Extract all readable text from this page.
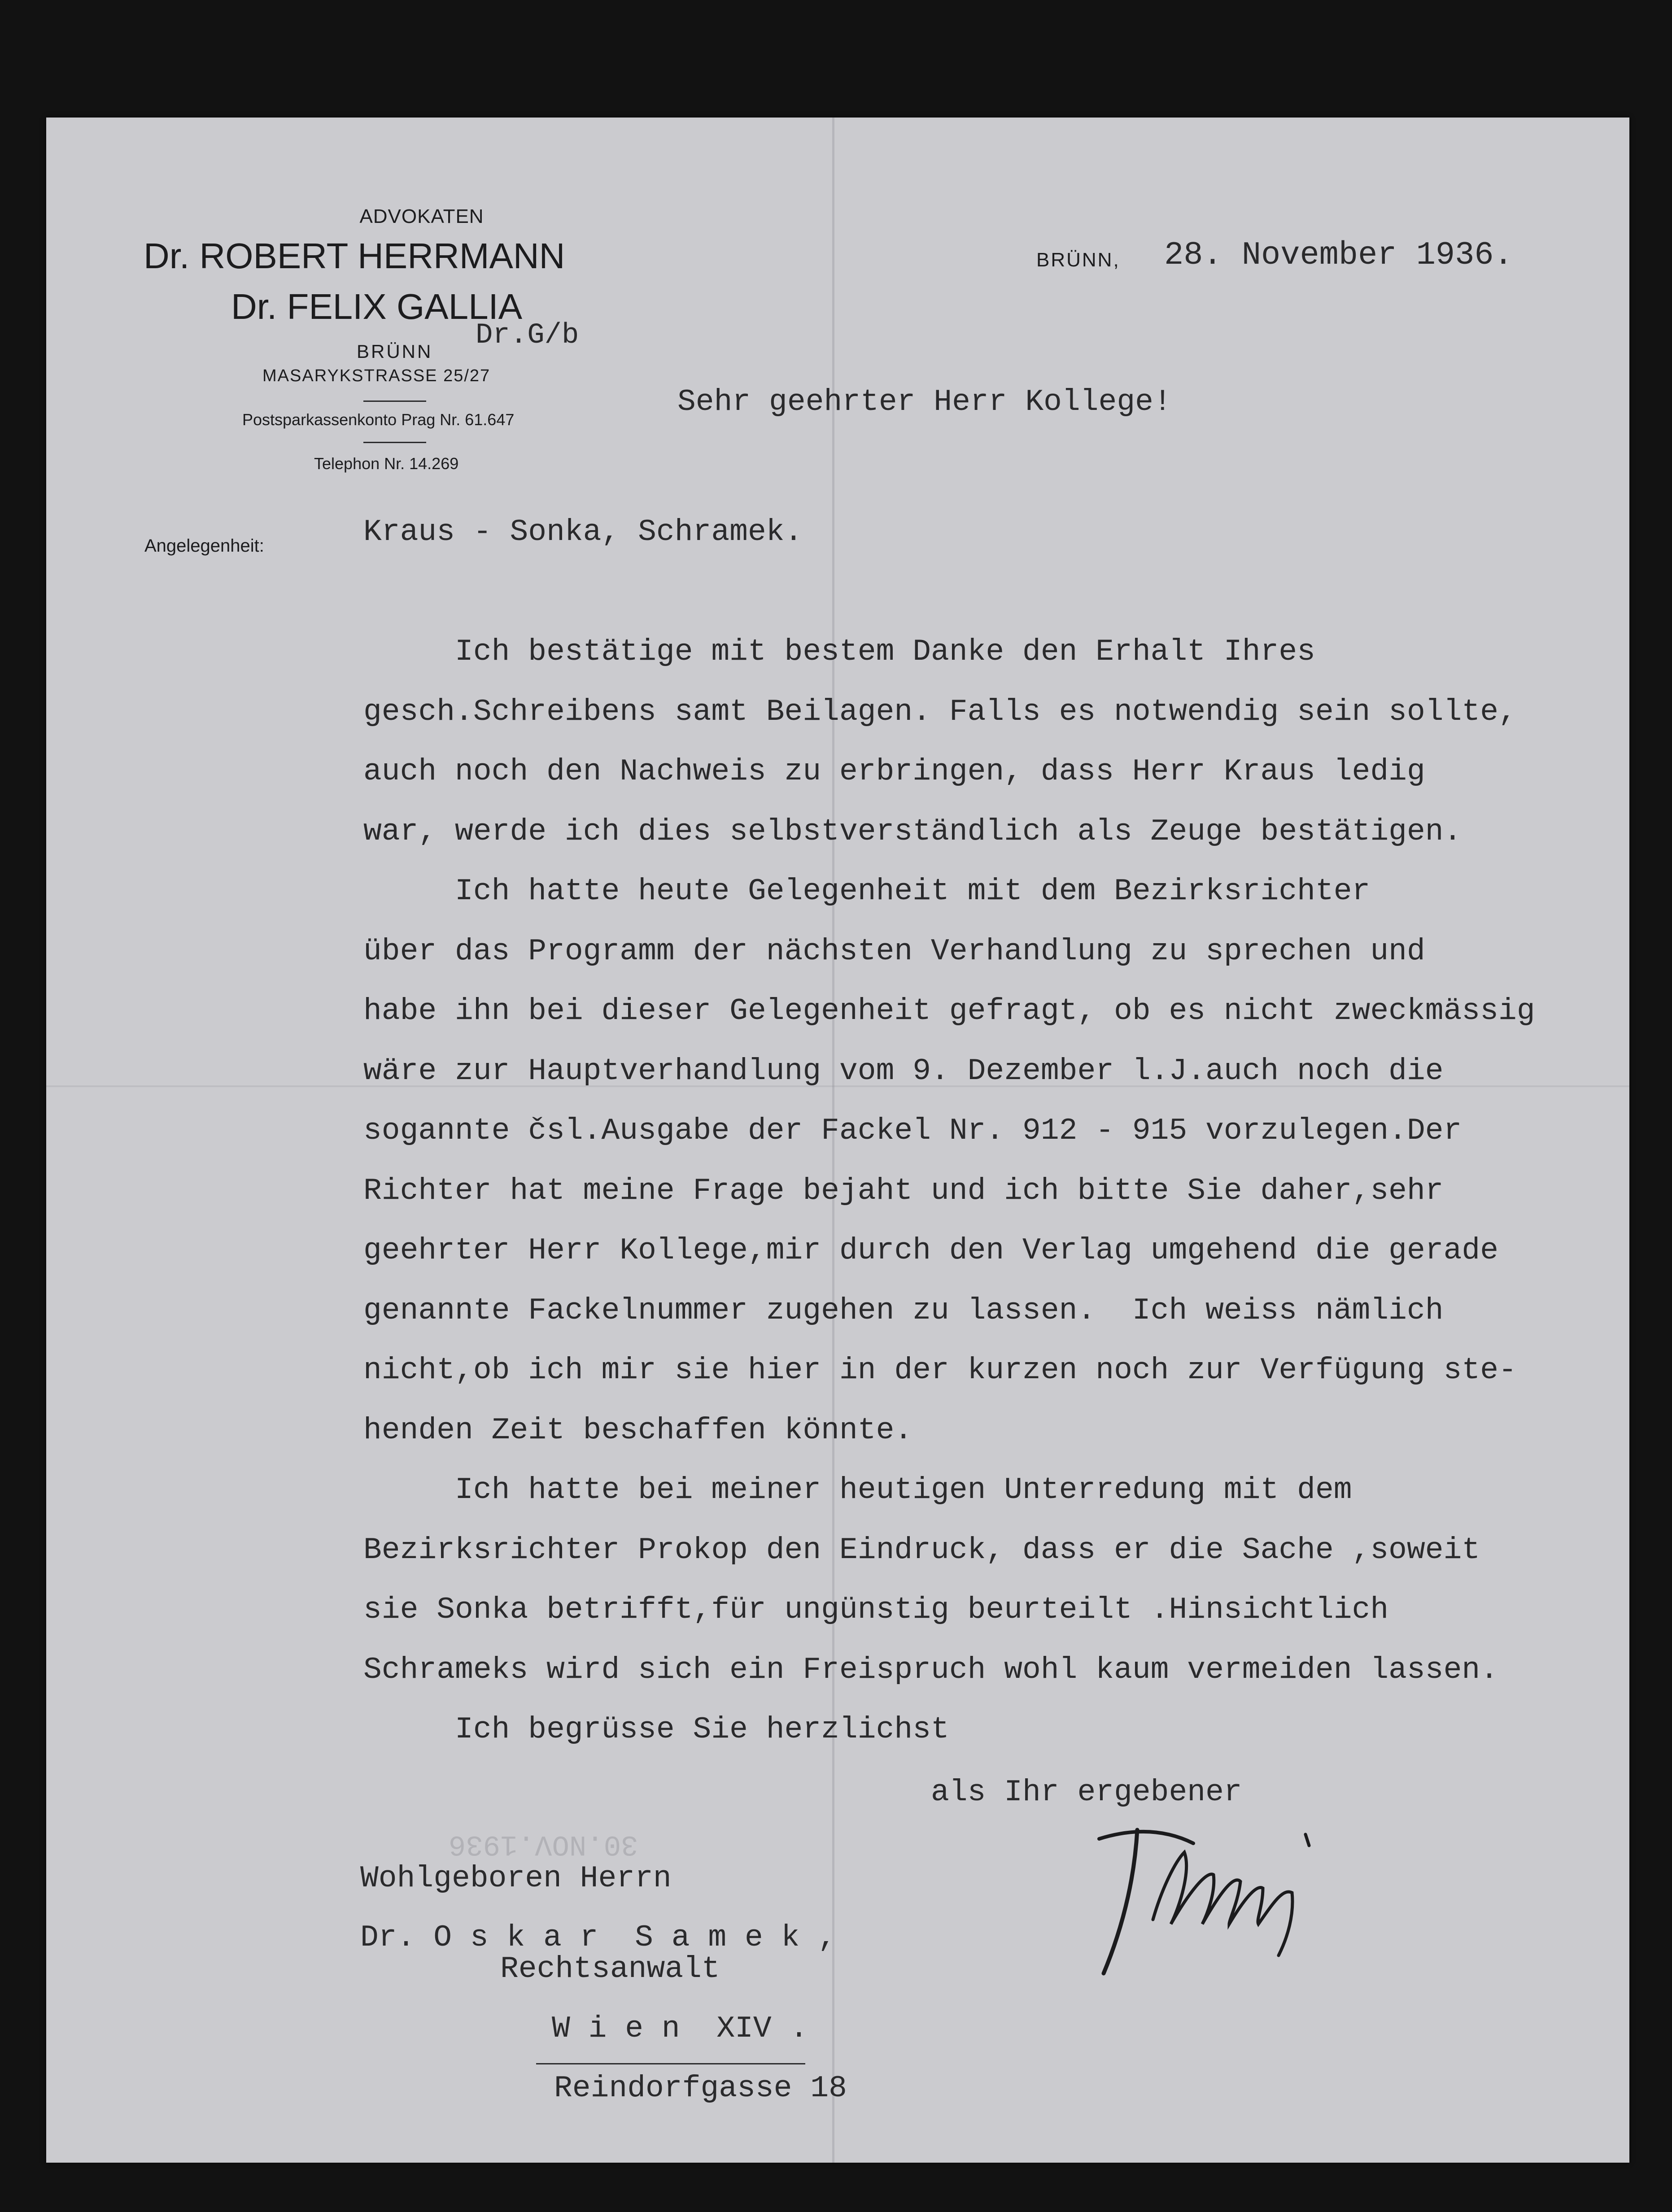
ADVOKATEN
Dr. ROBERT HERRMANN
Dr. FELIX GALLIA
BRÜNN
MASARYKSTRASSE 25/27
Postsparkassenkonto Prag Nr. 61.647
Telephon Nr. 14.269
Dr.G/b
BRÜNN, 28. November 1936.
Sehr geehrter Herr Kollege!
Angelegenheit:	Kraus - Sonka, Schramek.
Ich bestätige mit bestem Danke den Erhalt Ihres
gesch.Schreibens samt Beilagen. Falls es notwendig sein sollte,
auch noch den Nachweis zu erbringen, dass Herr Kraus ledig
war, werde ich dies selbstverständlich als Zeuge bestätigen.
Ich hatte heute Gelegenheit mit dem Bezirksrichter
über das Programm der nächsten Verhandlung zu sprechen und
habe ihn bei dieser Gelegenheit gefragt, ob es nicht zweckmässig
wäre zur Hauptverhandlung vom 9. Dezember l.J.auch noch die
sogannte čsl.Ausgabe der Fackel Nr. 912 - 915 vorzulegen.Der
Richter hat meine Frage bejaht und ich bitte Sie daher,sehr
geehrter Herr Kollege,mir durch den Verlag umgehend die gerade
genannte Fackelnummer zugehen zu lassen.  Ich weiss nämlich
nicht,ob ich mir sie hier in der kurzen noch zur Verfügung ste-
henden Zeit beschaffen könnte.
Ich hatte bei meiner heutigen Unterredung mit dem
Bezirksrichter Prokop den Eindruck, dass er die Sache ,soweit
sie Sonka betrifft,für ungünstig beurteilt .Hinsichtlich
Schrameks wird sich ein Freispruch wohl kaum vermeiden lassen.
Ich begrüsse Sie herzlichst
als Ihr ergebener
30.NOV.1936
Wohlgeboren Herrn
Dr. O s k a r  S a m e k ,
Rechtsanwalt
W i e n  XIV .
Reindorfgasse 18
